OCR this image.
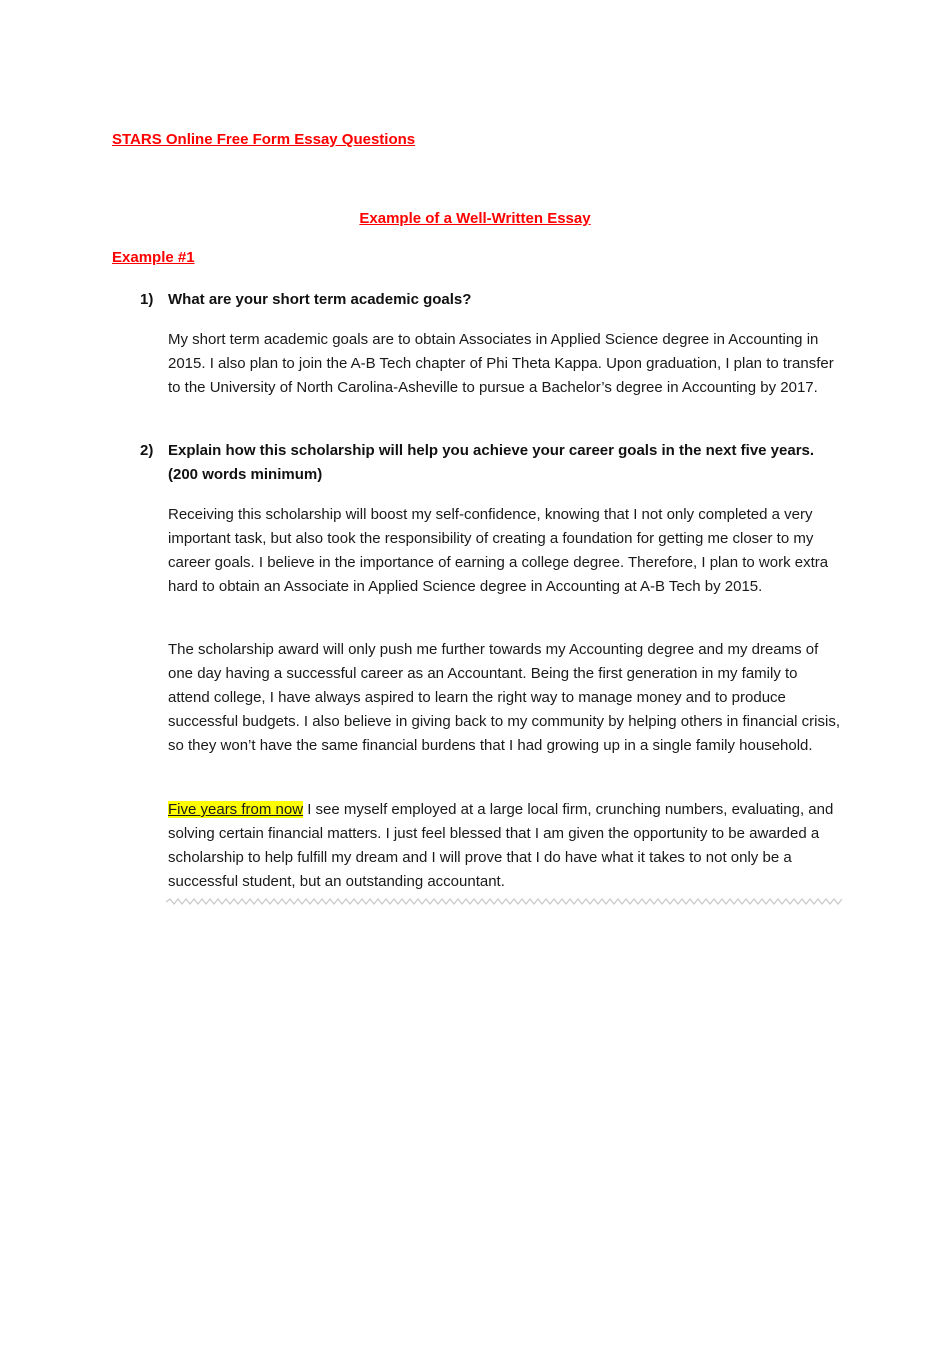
STARS Online Free Form Essay Questions
Example of a Well-Written Essay
Example #1
1) What are your short term academic goals?

My short term academic goals are to obtain Associates in Applied Science degree in Accounting in 2015. I also plan to join the A-B Tech chapter of Phi Theta Kappa. Upon graduation, I plan to transfer to the University of North Carolina-Asheville to pursue a Bachelor’s degree in Accounting by 2017.

2) Explain how this scholarship will help you achieve your career goals in the next five years. (200 words minimum)

Receiving this scholarship will boost my self-confidence, knowing that I not only completed a very important task, but also took the responsibility of creating a foundation for getting me closer to my career goals. I believe in the importance of earning a college degree. Therefore, I plan to work extra hard to obtain an Associate in Applied Science degree in Accounting at A-B Tech by 2015.

The scholarship award will only push me further towards my Accounting degree and my dreams of one day having a successful career as an Accountant. Being the first generation in my family to attend college, I have always aspired to learn the right way to manage money and to produce successful budgets. I also believe in giving back to my community by helping others in financial crisis, so they won’t have the same financial burdens that I had growing up in a single family household.

Five years from now I see myself employed at a large local firm, crunching numbers, evaluating, and solving certain financial matters. I just feel blessed that I am given the opportunity to be awarded a scholarship to help fulfill my dream and I will prove that I do have what it takes to not only be a successful student, but an outstanding accountant.
